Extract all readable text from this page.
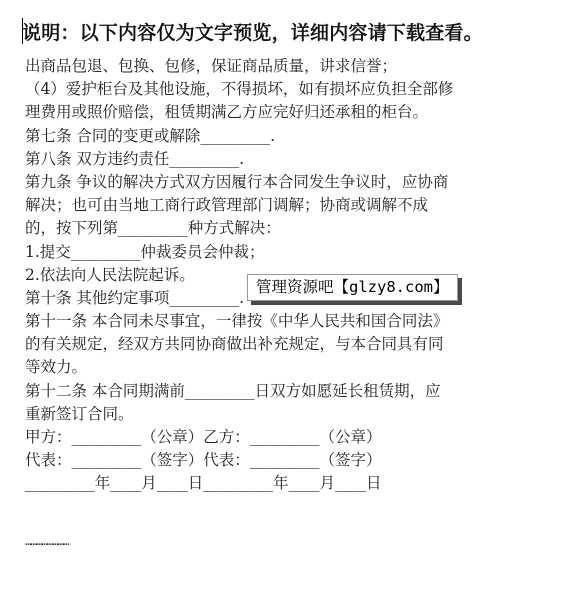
说明：以下内容仅为文字预览，详细内容请下载查看。
出商品包退、包换、包修，保证商品质量，讲求信誉；
（4）爱护柜台及其他设施，不得损坏，如有损坏应负担全部修
理费用或照价赔偿，租赁期满乙方应完好归还承租的柜台。
第七条 合同的变更或解除_________.
第八条 双方违约责任_________.
第九条 争议的解决方式双方因履行本合同发生争议时，应协商
解决；也可由当地工商行政管理部门调解；协商或调解不成
的，按下列第_________种方式解决：
1.提交_________仲裁委员会仲裁；
2.依法向人民法院起诉。
第十条 其他约定事项_________.
第十一条 本合同未尽事宜，一律按《中华人民共和国合同法》
的有关规定，经双方共同协商做出补充规定，与本合同具有同
等效力。
第十二条 本合同期满前_________日双方如愿延长租赁期，应
重新签订合同。
甲方：_________（公章）乙方：_________（公章）
代表：_________（签字）代表：_________（签字）
_________年____月____日_________年____月____日
管理资源吧【glzy8.com】
……………………
